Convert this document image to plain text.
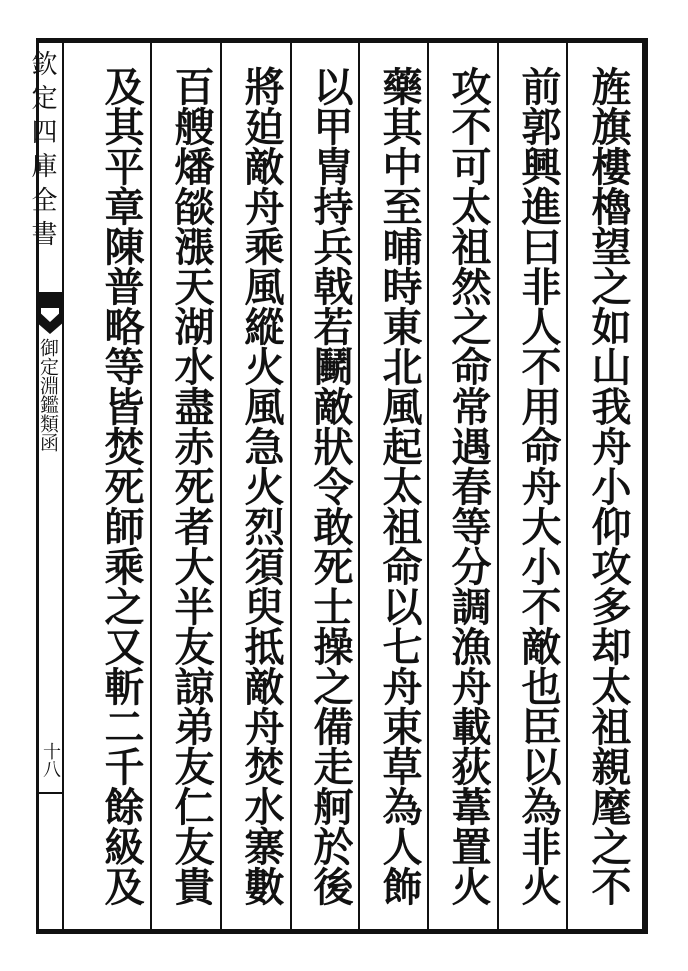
欽定四庫全書
御定淵鑑類函
十八	旌旗樓櫓望之如山我舟小仰攻多却太祖親麾之不
前郭興進曰非人不用命舟大小不敵也臣以為非火
攻不可太祖然之命常遇春等分調漁舟載荻葦置火
藥其中至晡時東北風起太祖命以七舟束草為人飾
以甲冑持兵戟若鬭敵狀令敢死士操之備走舸於後
將廹敵舟乘風縱火風急火烈須臾抵敵舟焚水寨數
百艘燔燄漲天湖水盡赤死者大半友諒弟友仁友貴
及其平章陳普略等皆焚死師乘之又斬二千餘級及
